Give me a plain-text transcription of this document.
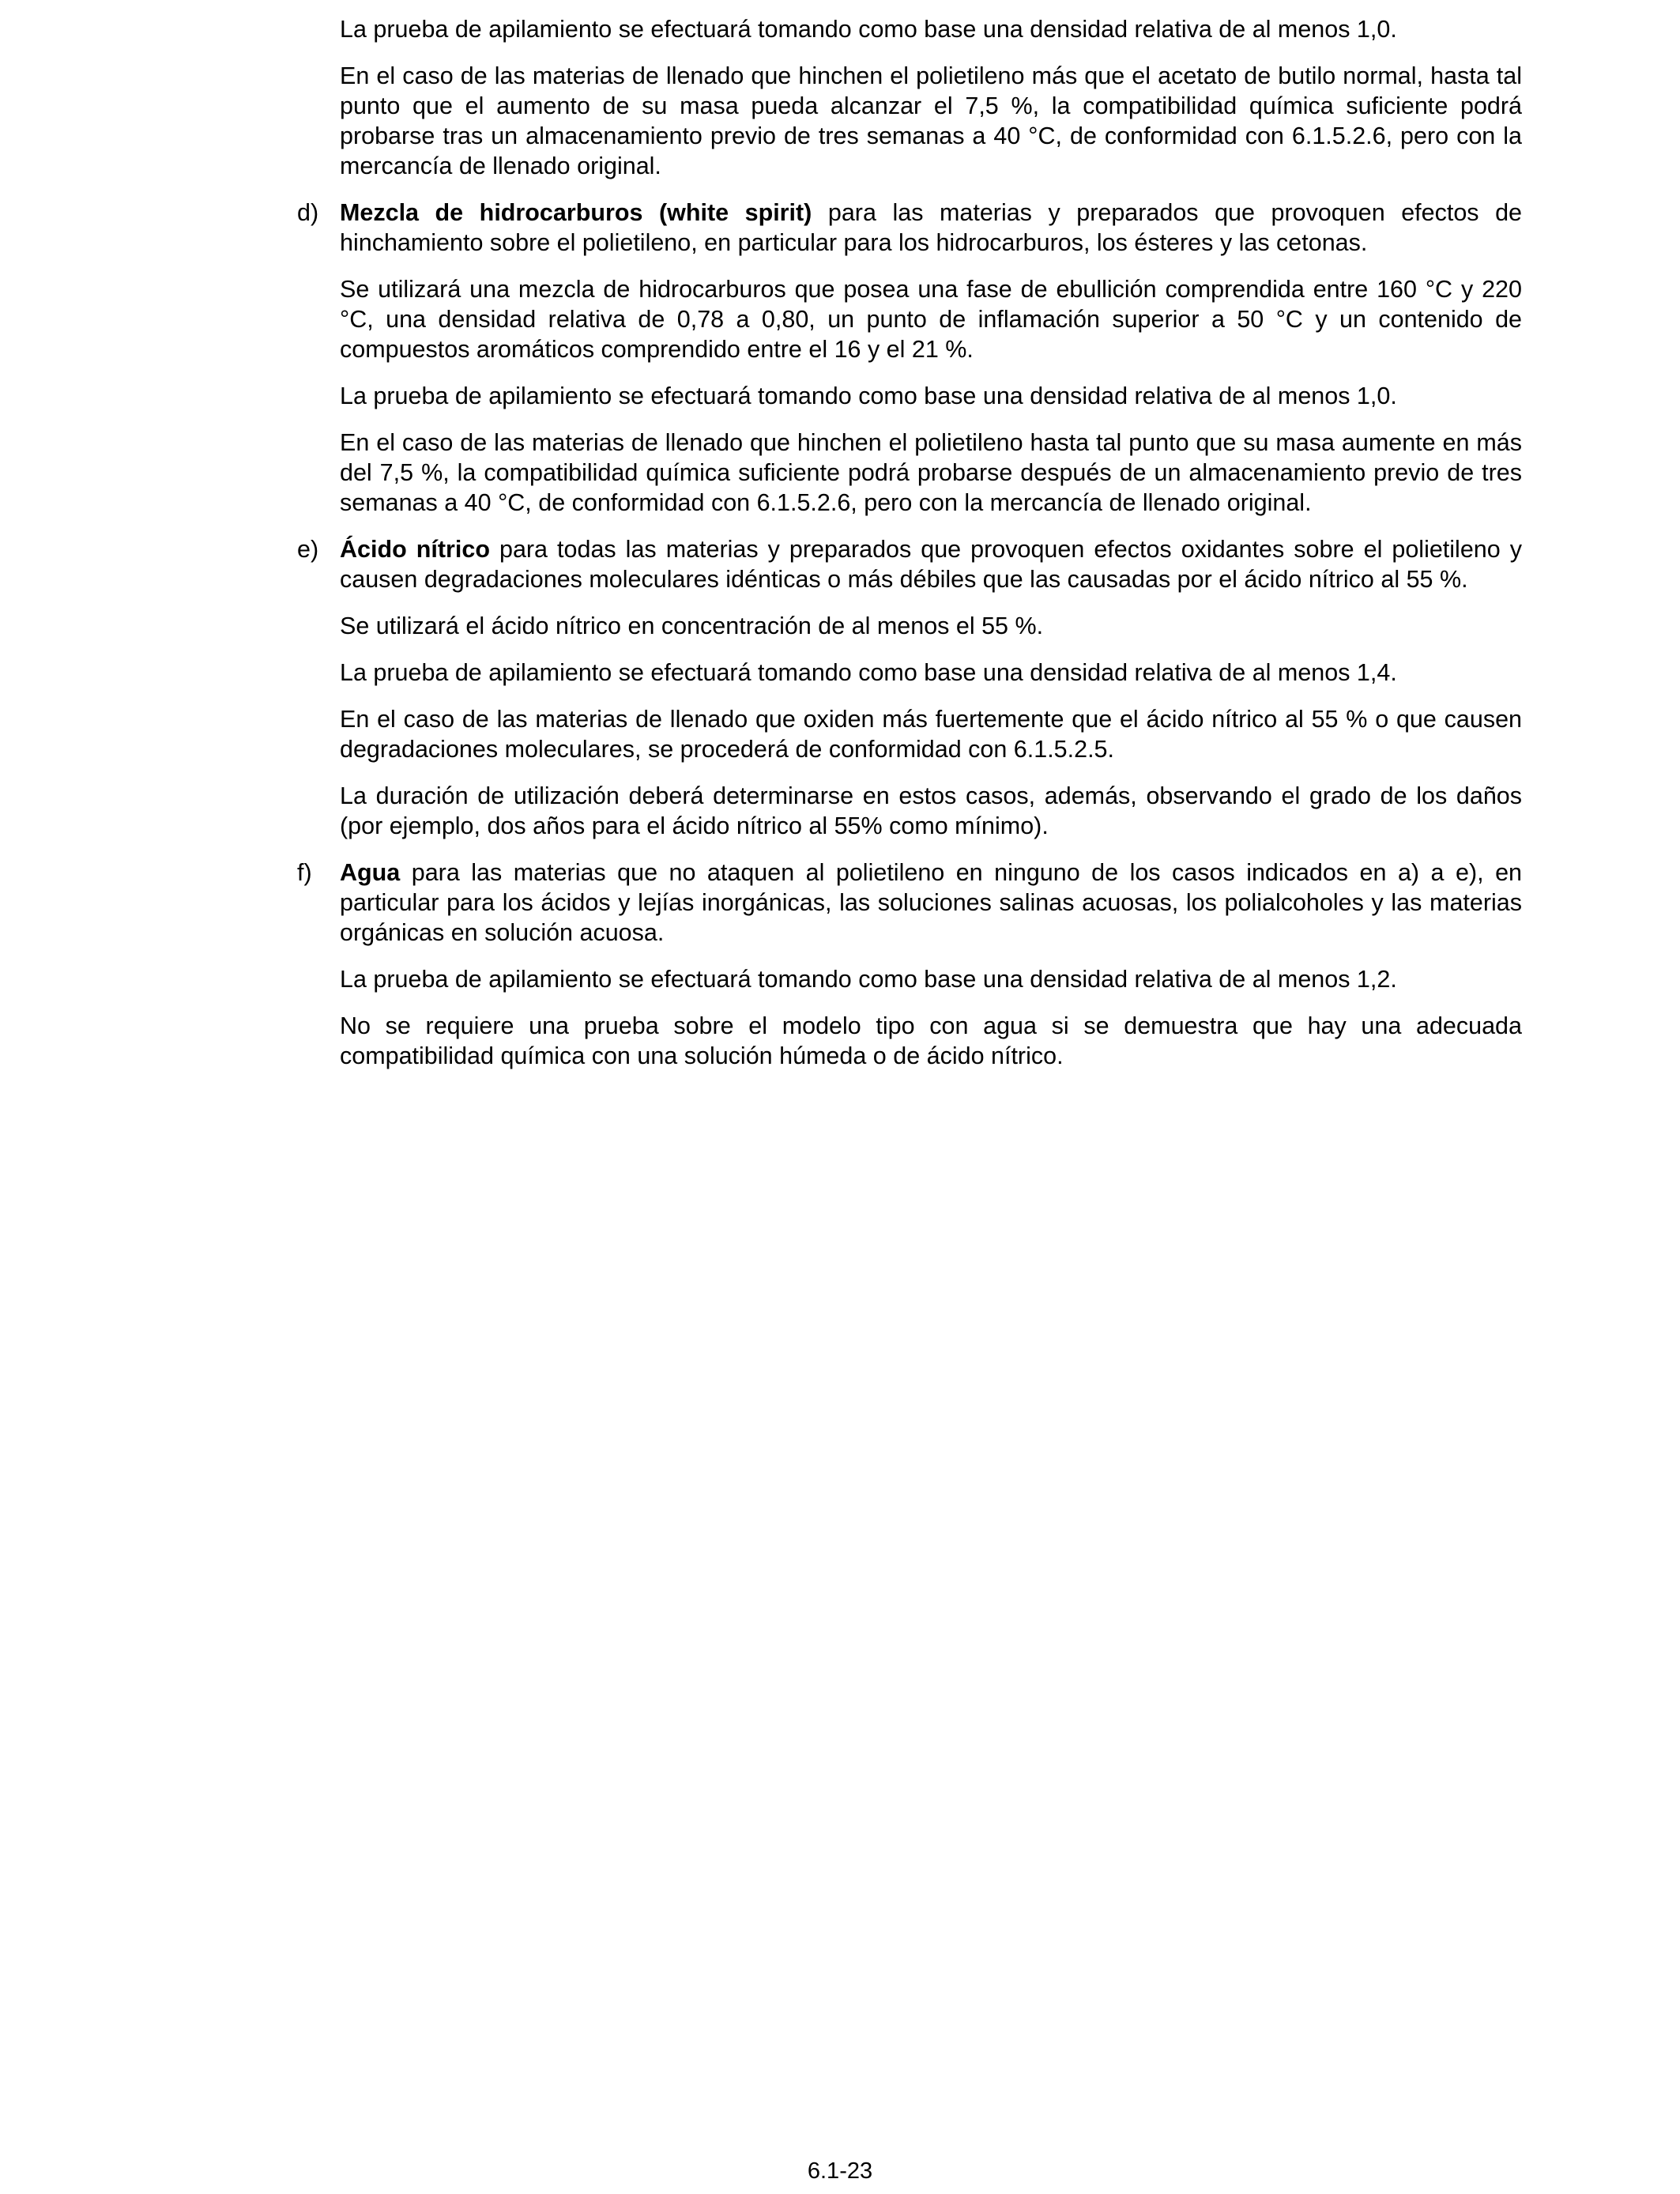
La prueba de apilamiento se efectuará tomando como base una densidad relativa de al menos 1,0.

En el caso de las materias de llenado que hinchen el polietileno más que el acetato de butilo normal, hasta tal punto que el aumento de su masa pueda alcanzar el 7,5 %, la compatibilidad química suficiente podrá probarse tras un almacenamiento previo de tres semanas a 40 °C, de conformidad con 6.1.5.2.6, pero con la mercancía de llenado original.

d) Mezcla de hidrocarburos (white spirit) para las materias y preparados que provoquen efectos de hinchamiento sobre el polietileno, en particular para los hidrocarburos, los ésteres y las cetonas.

Se utilizará una mezcla de hidrocarburos que posea una fase de ebullición comprendida entre 160 °C y 220 °C, una densidad relativa de 0,78 a 0,80, un punto de inflamación superior a 50 °C y un contenido de compuestos aromáticos comprendido entre el 16 y el 21 %.

La prueba de apilamiento se efectuará tomando como base una densidad relativa de al menos 1,0.

En el caso de las materias de llenado que hinchen el polietileno hasta tal punto que su masa aumente en más del 7,5 %, la compatibilidad química suficiente podrá probarse después de un almacenamiento previo de tres semanas a 40 °C, de conformidad con 6.1.5.2.6, pero con la mercancía de llenado original.

e) Ácido nítrico para todas las materias y preparados que provoquen efectos oxidantes sobre el polietileno y causen degradaciones moleculares idénticas o más débiles que las causadas por el ácido nítrico al 55 %.

Se utilizará el ácido nítrico en concentración de al menos el 55 %.

La prueba de apilamiento se efectuará tomando como base una densidad relativa de al menos 1,4.

En el caso de las materias de llenado que oxiden más fuertemente que el ácido nítrico al 55 % o que causen degradaciones moleculares, se procederá de conformidad con 6.1.5.2.5.

La duración de utilización deberá determinarse en estos casos, además, observando el grado de los daños (por ejemplo, dos años para el ácido nítrico al 55% como mínimo).

f)	Agua para las materias que no ataquen al polietileno en ninguno de los casos indicados en a) a e), en particular para los ácidos y lejías inorgánicas, las soluciones salinas acuosas, los polialcoholes y las materias orgánicas en solución acuosa.

La prueba de apilamiento se efectuará tomando como base una densidad relativa de al menos 1,2.

No se requiere una prueba sobre el modelo tipo con agua si se demuestra que hay una adecuada compatibilidad química con una solución húmeda o de ácido nítrico.

6.1-23
